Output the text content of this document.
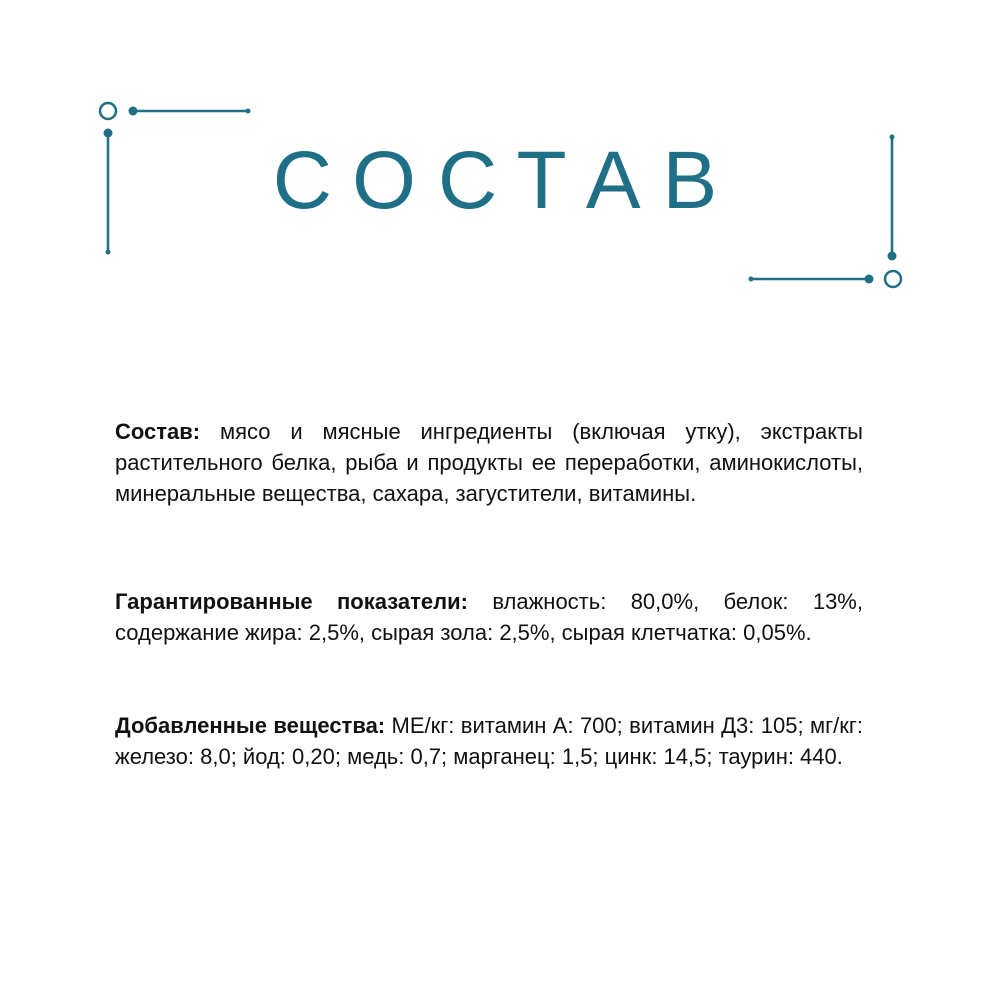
СОСТАВ

Состав: мясо и мясные ингредиенты (включая утку), экстракты растительного белка, рыба и продукты ее переработки, аминокислоты, минеральные вещества, сахара, загустители, витамины.

Гарантированные показатели: влажность: 80,0%, белок: 13%, содержание жира: 2,5%, сырая зола: 2,5%, сырая клетчатка: 0,05%.

Добавленные вещества: МЕ/кг: витамин А: 700; витамин Д3: 105; мг/кг: железо: 8,0; йод: 0,20; медь: 0,7; марганец: 1,5; цинк: 14,5; таурин: 440.
